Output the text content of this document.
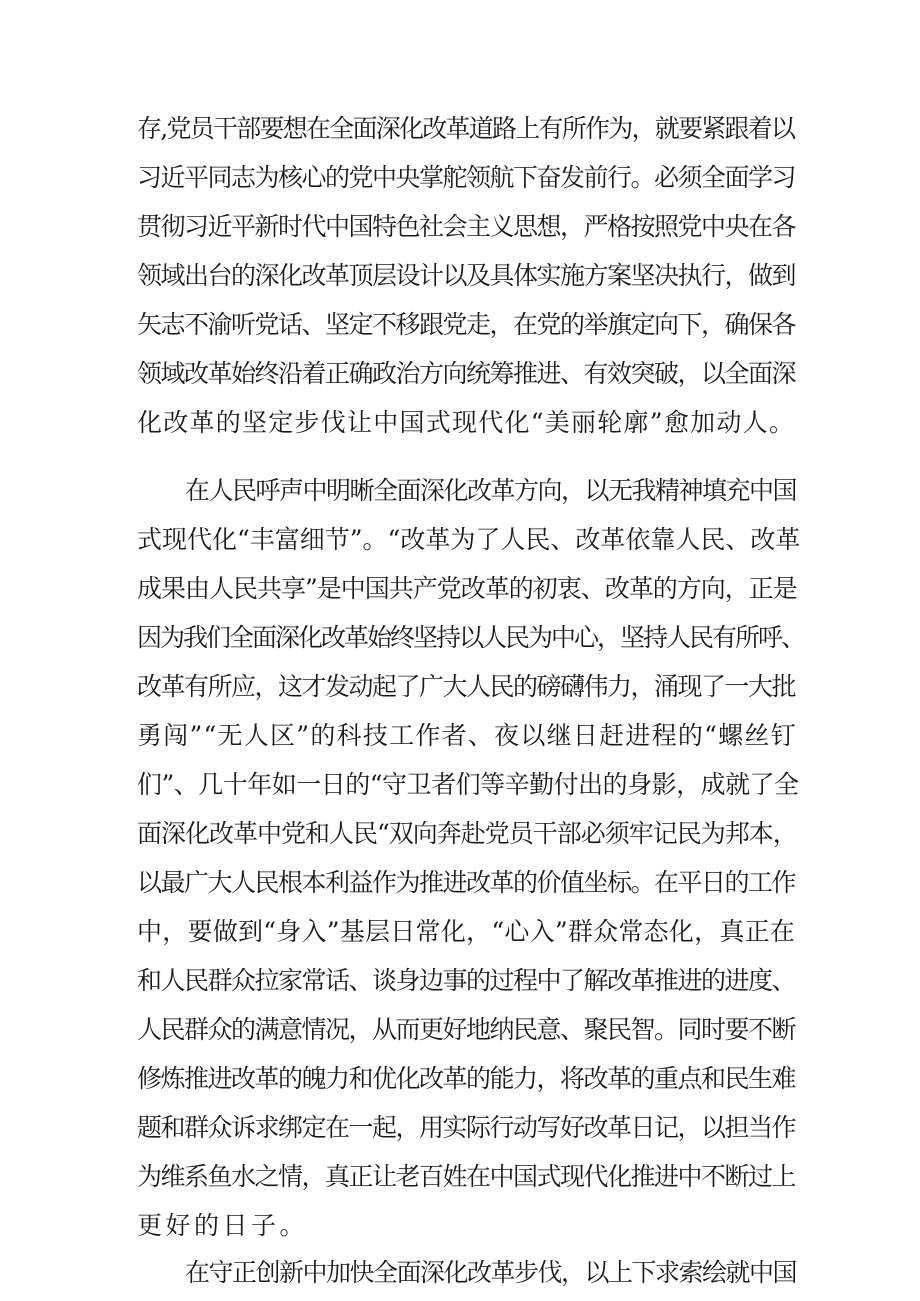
存,党员干部要想在全面深化改革道路上有所作为，就要紧跟着以
习近平同志为核心的党中央掌舵领航下奋发前行。必须全面学习
贯彻习近平新时代中国特色社会主义思想，严格按照党中央在各
领域出台的深化改革顶层设计以及具体实施方案坚决执行，做到
矢志不渝听党话、坚定不移跟党走，在党的举旗定向下，确保各
领域改革始终沿着正确政治方向统筹推进、有效突破，以全面深
化改革的坚定步伐让中国式现代化“美丽轮廓”愈加动人。
在人民呼声中明晰全面深化改革方向，以无我精神填充中国
式现代化“丰富细节”。“改革为了人民、改革依靠人民、改革
成果由人民共享”是中国共产党改革的初衷、改革的方向，正是
因为我们全面深化改革始终坚持以人民为中心，坚持人民有所呼、
改革有所应，这才发动起了广大人民的磅礴伟力，涌现了一大批
勇闯”“无人区”的科技工作者、夜以继日赶进程的“螺丝钉
们”、几十年如一日的“守卫者们等辛勤付出的身影，成就了全
面深化改革中党和人民“双向奔赴党员干部必须牢记民为邦本，
以最广大人民根本利益作为推进改革的价值坐标。在平日的工作
中，要做到“身入”基层日常化，“心入”群众常态化，真正在
和人民群众拉家常话、谈身边事的过程中了解改革推进的进度、
人民群众的满意情况，从而更好地纳民意、聚民智。同时要不断
修炼推进改革的魄力和优化改革的能力，将改革的重点和民生难
题和群众诉求绑定在一起，用实际行动写好改革日记，以担当作
为维系鱼水之情，真正让老百姓在中国式现代化推进中不断过上
更好的日子。
在守正创新中加快全面深化改革步伐，以上下求索绘就中国
